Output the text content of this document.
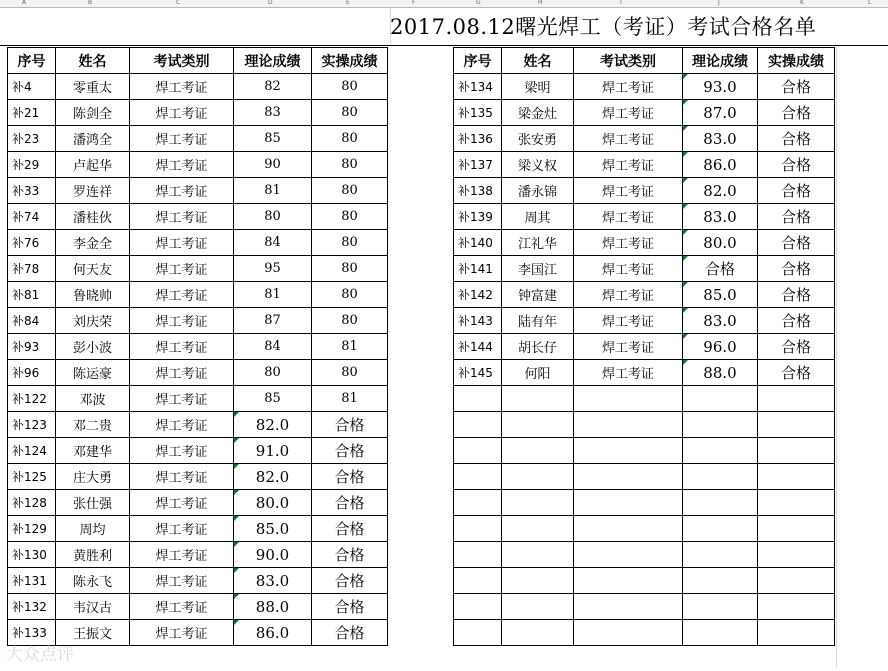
A	B	C	D	E	F	G	H	I	J	K	L
2017.08.12曙光焊工（考证）考试合格名单
序号	姓名	考试类别	理论成绩	实操成绩
补4	零重太	焊工考证	82	80
补21	陈剑全	焊工考证	83	80
补23	潘鸿全	焊工考证	85	80
补29	卢起华	焊工考证	90	80
补33	罗连祥	焊工考证	81	80
补74	潘桂伙	焊工考证	80	80
补76	李金全	焊工考证	84	80
补78	何天友	焊工考证	95	80
补81	鲁晓帅	焊工考证	81	80
补84	刘庆荣	焊工考证	87	80
补93	彭小波	焊工考证	84	81
补96	陈运豪	焊工考证	80	80
补122	邓波	焊工考证	85	81
补123	邓二贵	焊工考证	82.0	合格
补124	邓建华	焊工考证	91.0	合格
补125	庄大勇	焊工考证	82.0	合格
补128	张仕强	焊工考证	80.0	合格
补129	周均	焊工考证	85.0	合格
补130	黄胜利	焊工考证	90.0	合格
补131	陈永飞	焊工考证	83.0	合格
补132	韦汉古	焊工考证	88.0	合格
补133	王振文	焊工考证	86.0	合格
序号	姓名	考试类别	理论成绩	实操成绩
补134	梁明	焊工考证	93.0	合格
补135	梁金灶	焊工考证	87.0	合格
补136	张安勇	焊工考证	83.0	合格
补137	梁义权	焊工考证	86.0	合格
补138	潘永锦	焊工考证	82.0	合格
补139	周其	焊工考证	83.0	合格
补140	江礼华	焊工考证	80.0	合格
补141	李国江	焊工考证	合格	合格
补142	钟富建	焊工考证	85.0	合格
补143	陆有年	焊工考证	83.0	合格
补144	胡长仔	焊工考证	96.0	合格
补145	何阳	焊工考证	88.0	合格

大众点评
